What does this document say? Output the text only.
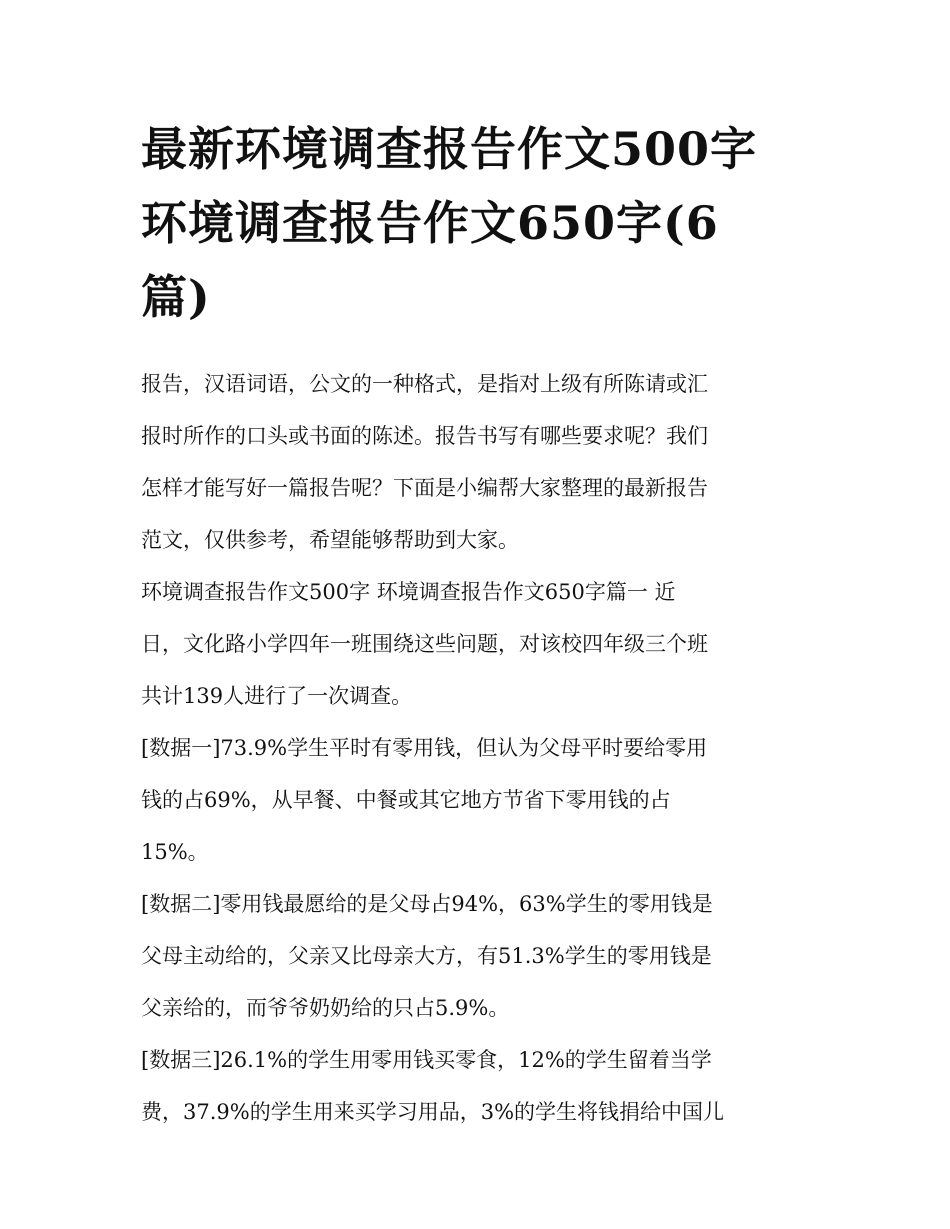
最新环境调查报告作文500字
环境调查报告作文650字(6
篇)

报告，汉语词语，公文的一种格式，是指对上级有所陈请或汇
报时所作的口头或书面的陈述。报告书写有哪些要求呢？我们
怎样才能写好一篇报告呢？下面是小编帮大家整理的最新报告
范文，仅供参考，希望能够帮助到大家。

环境调查报告作文500字 环境调查报告作文650字篇一 近
日，文化路小学四年一班围绕这些问题，对该校四年级三个班
共计139人进行了一次调查。

[数据一]73.9%学生平时有零用钱，但认为父母平时要给零用
钱的占69%，从早餐、中餐或其它地方节省下零用钱的占
15%。

[数据二]零用钱最愿给的是父母占94%，63%学生的零用钱是
父母主动给的，父亲又比母亲大方，有51.3%学生的零用钱是
父亲给的，而爷爷奶奶给的只占5.9%。

[数据三]26.1%的学生用零用钱买零食，12%的学生留着当学
费，37.9%的学生用来买学习用品，3%的学生将钱捐给中国儿
